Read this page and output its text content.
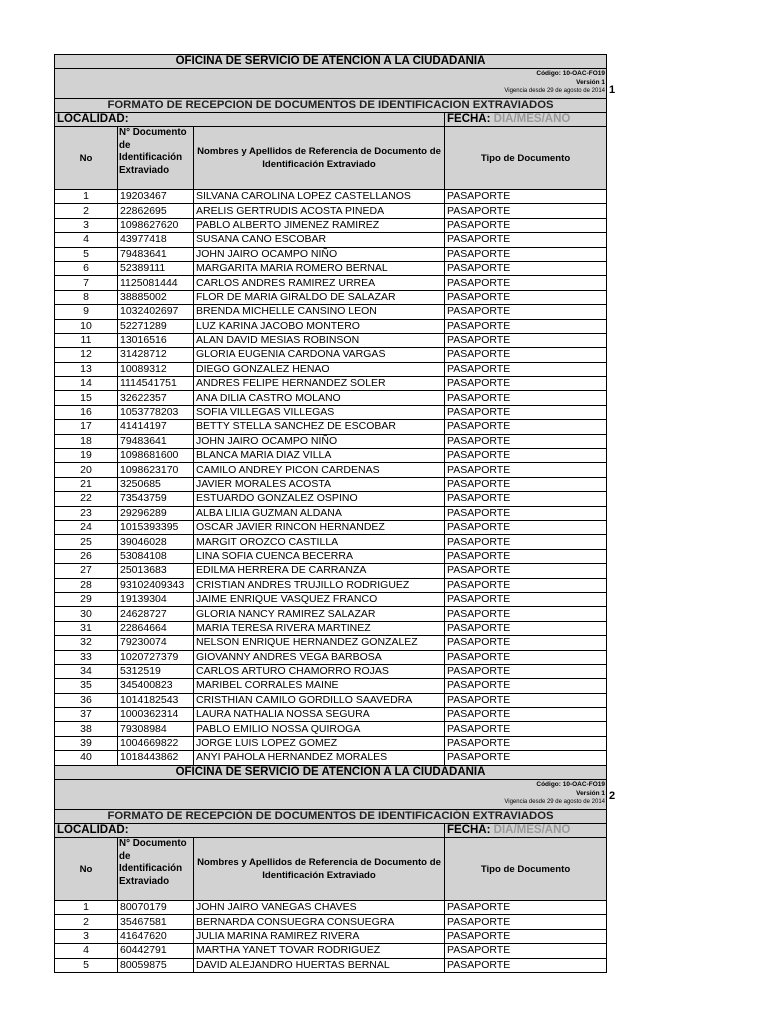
OFICINA DE SERVICIO DE ATENCION A LA CIUDADANIA			

Código: 10-OAC-FO19
Versión 1
Vigencia desde 29 de agosto de 2014			

FORMATO DE RECEPCION DE DOCUMENTOS DE IDENTIFICACION EXTRAVIADOS			
LOCALIDAD:			FECHA: DIA/MES/AÑO
No	N° Documento de Identificación Extraviado	Nombres y Apellidos de Referencia de Documento de Identificación Extraviado	Tipo de Documento
1	19203467	SILVANA CAROLINA LOPEZ CASTELLANOS	PASAPORTE
2	22862695	ARELIS GERTRUDIS ACOSTA PINEDA	PASAPORTE
3	1098627620	PABLO ALBERTO JIMENEZ RAMIREZ	PASAPORTE
4	43977418	SUSANA CANO ESCOBAR	PASAPORTE
5	79483641	JOHN JAIRO OCAMPO NIÑO	PASAPORTE
6	52389111	MARGARITA MARIA ROMERO BERNAL	PASAPORTE
7	1125081444	CARLOS ANDRES RAMIREZ URREA	PASAPORTE
8	38885002	FLOR DE MARIA GIRALDO DE SALAZAR	PASAPORTE
9	1032402697	BRENDA MICHELLE CANSINO LEON	PASAPORTE
10	52271289	LUZ KARINA JACOBO MONTERO	PASAPORTE
11	13016516	ALAN DAVID MESIAS ROBINSON	PASAPORTE
12	31428712	GLORIA EUGENIA CARDONA VARGAS	PASAPORTE
13	10089312	DIEGO GONZALEZ HENAO	PASAPORTE
14	1114541751	ANDRES FELIPE HERNANDEZ SOLER	PASAPORTE
15	32622357	ANA DILIA CASTRO MOLANO	PASAPORTE
16	1053778203	SOFIA VILLEGAS VILLEGAS	PASAPORTE
17	41414197	BETTY STELLA SANCHEZ DE ESCOBAR	PASAPORTE
18	79483641	JOHN JAIRO OCAMPO NIÑO	PASAPORTE
19	1098681600	BLANCA MARIA DIAZ VILLA	PASAPORTE
20	1098623170	CAMILO ANDREY PICON CARDENAS	PASAPORTE
21	3250685	JAVIER MORALES ACOSTA	PASAPORTE
22	73543759	ESTUARDO GONZALEZ OSPINO	PASAPORTE
23	29296289	ALBA LILIA GUZMAN ALDANA	PASAPORTE
24	1015393395	OSCAR JAVIER RINCON HERNANDEZ	PASAPORTE
25	39046028	MARGIT OROZCO CASTILLA	PASAPORTE
26	53084108	LINA SOFIA CUENCA BECERRA	PASAPORTE
27	25013683	EDILMA HERRERA DE CARRANZA	PASAPORTE
28	93102409343	CRISTIAN ANDRES TRUJILLO RODRIGUEZ	PASAPORTE
29	19139304	JAIME ENRIQUE VASQUEZ FRANCO	PASAPORTE
30	24628727	GLORIA NANCY RAMIREZ SALAZAR	PASAPORTE
31	22864664	MARIA TERESA RIVERA MARTINEZ	PASAPORTE
32	79230074	NELSON ENRIQUE HERNANDEZ GONZALEZ	PASAPORTE
33	1020727379	GIOVANNY ANDRES VEGA BARBOSA	PASAPORTE
34	5312519	CARLOS ARTURO CHAMORRO ROJAS	PASAPORTE
35	345400823	MARIBEL CORRALES MAINE	PASAPORTE
36	1014182543	CRISTHIAN CAMILO GORDILLO SAAVEDRA	PASAPORTE
37	1000362314	LAURA NATHALIA NOSSA SEGURA	PASAPORTE
38	79308984	PABLO EMILIO NOSSA QUIROGA	PASAPORTE
39	1004669822	JORGE LUIS LOPEZ GOMEZ	PASAPORTE
40	1018443862	ANYI PAHOLA HERNANDEZ MORALES	PASAPORTE
1
OFICINA DE SERVICIO DE ATENCION A LA CIUDADANIA			

Código: 10-OAC-FO19
Versión 1
Vigencia desde 29 de agosto de 2014			

FORMATO DE RECEPCIÓN DE DOCUMENTOS DE IDENTIFICACIÓN EXTRAVIADOS			
LOCALIDAD:			FECHA: DIA/MES/AÑO
No	N° Documento de Identificación Extraviado	Nombres y Apellidos de Referencia de Documento de Identificación Extraviado	Tipo de Documento
1	80070179	JOHN JAIRO VANEGAS CHAVES	PASAPORTE
2	35467581	BERNARDA CONSUEGRA CONSUEGRA	PASAPORTE
3	41647620	JULIA MARINA RAMIREZ RIVERA	PASAPORTE
4	60442791	MARTHA YANET TOVAR RODRIGUEZ	PASAPORTE
5	80059875	DAVID ALEJANDRO HUERTAS BERNAL	PASAPORTE
2
